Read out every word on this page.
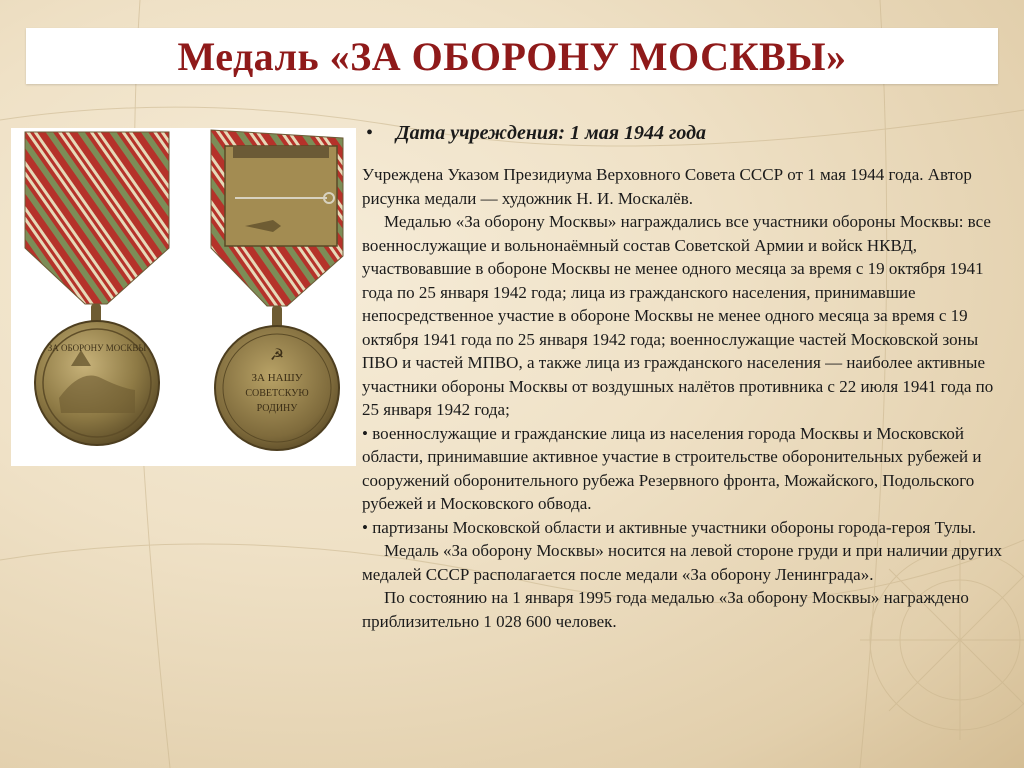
Медаль «ЗА ОБОРОНУ МОСКВЫ»
ЗА ОБОРОНУ МОСКВЫ	☭
ЗА НАШУ
СОВЕТСКУЮ
РОДИНУ
• Дата учреждения: 1 мая 1944 года

Учреждена Указом Президиума Верховного Совета СССР от 1 мая 1944 года. Автор рисунка медали — художник Н. И. Москалёв.

Медалью «За оборону Москвы» награждались все участники обороны Москвы: все военнослужащие и вольнонаёмный состав Советской Армии и войск НКВД, участвовавшие в обороне Москвы не менее одного месяца за время с 19 октября 1941 года по 25 января 1942 года; лица из гражданского населения, принимавшие непосредственное участие в обороне Москвы не менее одного месяца за время с 19 октября 1941 года по 25 января 1942 года; военнослужащие частей Московской зоны ПВО и частей МПВО, а также лица из гражданского населения — наиболее активные участники обороны Москвы от воздушных налётов противника с 22 июля 1941 года по 25 января 1942 года;

• военнослужащие и гражданские лица из населения города Москвы и Московской области, принимавшие активное участие в строительстве оборонительных рубежей и сооружений оборонительного рубежа Резервного фронта, Можайского, Подольского рубежей и Московского обвода.

• партизаны Московской области и активные участники обороны города-героя Тулы.

Медаль «За оборону Москвы» носится на левой стороне груди и при наличии других медалей СССР располагается после медали «За оборону Ленинграда».

По состоянию на 1 января 1995 года медалью «За оборону Москвы» награждено приблизительно 1 028 600 человек.
